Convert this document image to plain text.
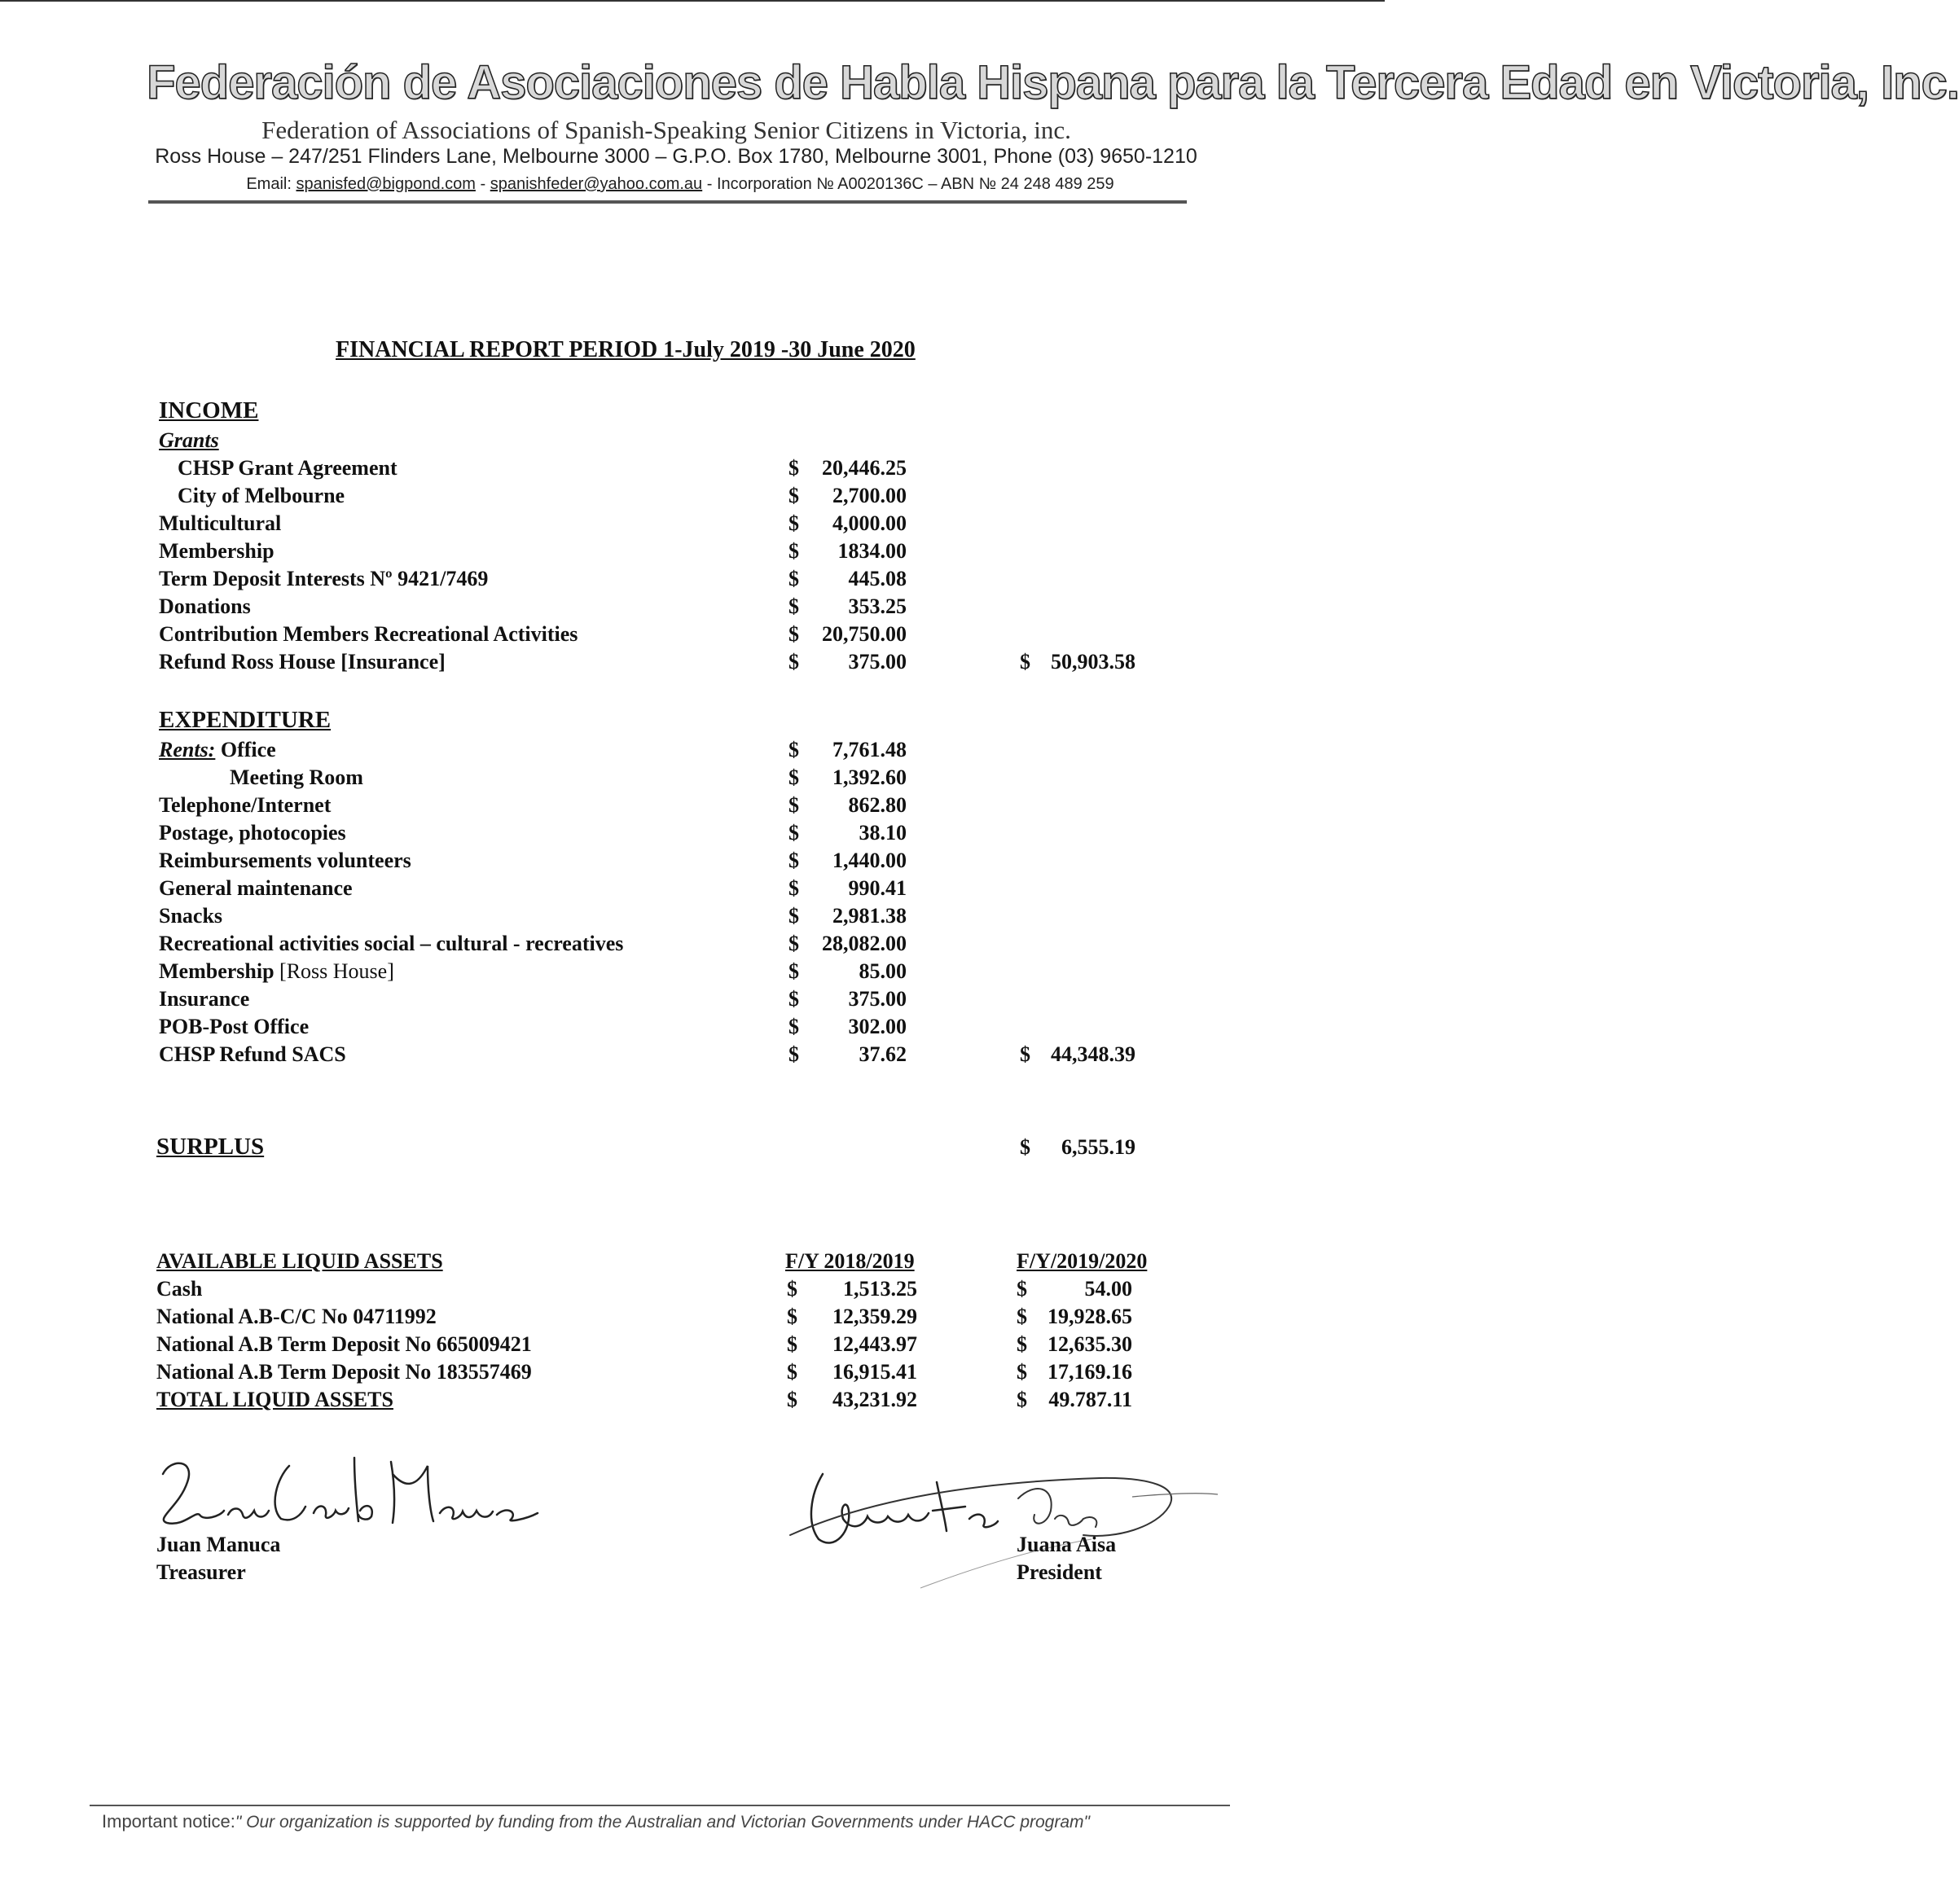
Federación de Asociaciones de Habla Hispana para la Tercera Edad en Victoria, Inc.
Federation of Associations of Spanish-Speaking Senior Citizens in Victoria, inc.
Ross House – 247/251 Flinders Lane, Melbourne 3000 – G.P.O. Box 1780, Melbourne 3001, Phone (03) 9650-1210
Email: spanisfed@bigpond.com - spanishfeder@yahoo.com.au - Incorporation № A0020136C – ABN № 24 248 489 259
FINANCIAL REPORT PERIOD 1-July 2019 -30 June 2020
INCOME
Grants
CHSP Grant Agreement	$ 20,446.25
City of Melbourne	$ 2,700.00
Multicultural	$ 4,000.00
Membership	$ 1834.00
Term Deposit Interests Nº 9421/7469	$ 445.08
Donations	$ 353.25
Contribution Members Recreational Activities	$ 20,750.00
Refund Ross House [Insurance]	$ 375.00	$ 50,903.58
EXPENDITURE
Rents: Office	$ 7,761.48
Meeting Room	$ 1,392.60
Telephone/Internet	$ 862.80
Postage, photocopies	$	38.10
Reimbursements volunteers	$ 1,440.00
General maintenance	$ 990.41
Snacks	$ 2,981.38
Recreational activities social – cultural - recreatives	$ 28,082.00
Membership [Ross House]	$	85.00
Insurance	$ 375.00
POB-Post Office	$ 302.00
CHSP Refund SACS	$	37.62	$ 44,348.39
SURPLUS	$ 6,555.19
AVAILABLE LIQUID ASSETS	F/Y 2018/2019	F/Y/2019/2020
Cash	$ 1,513.25	$	54.00
National A.B-C/C No 04711992	$ 12,359.29	$ 19,928.65
National A.B Term Deposit No 665009421	$ 12,443.97	$ 12,635.30
National A.B Term Deposit No 183557469	$ 16,915.41	$ 17,169.16
TOTAL LIQUID ASSETS	$ 43,231.92	$ 49.787.11
Juan Manuca
Treasurer
Juana Aisa
President
Important notice:" Our organization is supported by funding from the Australian and Victorian Governments under HACC program"
